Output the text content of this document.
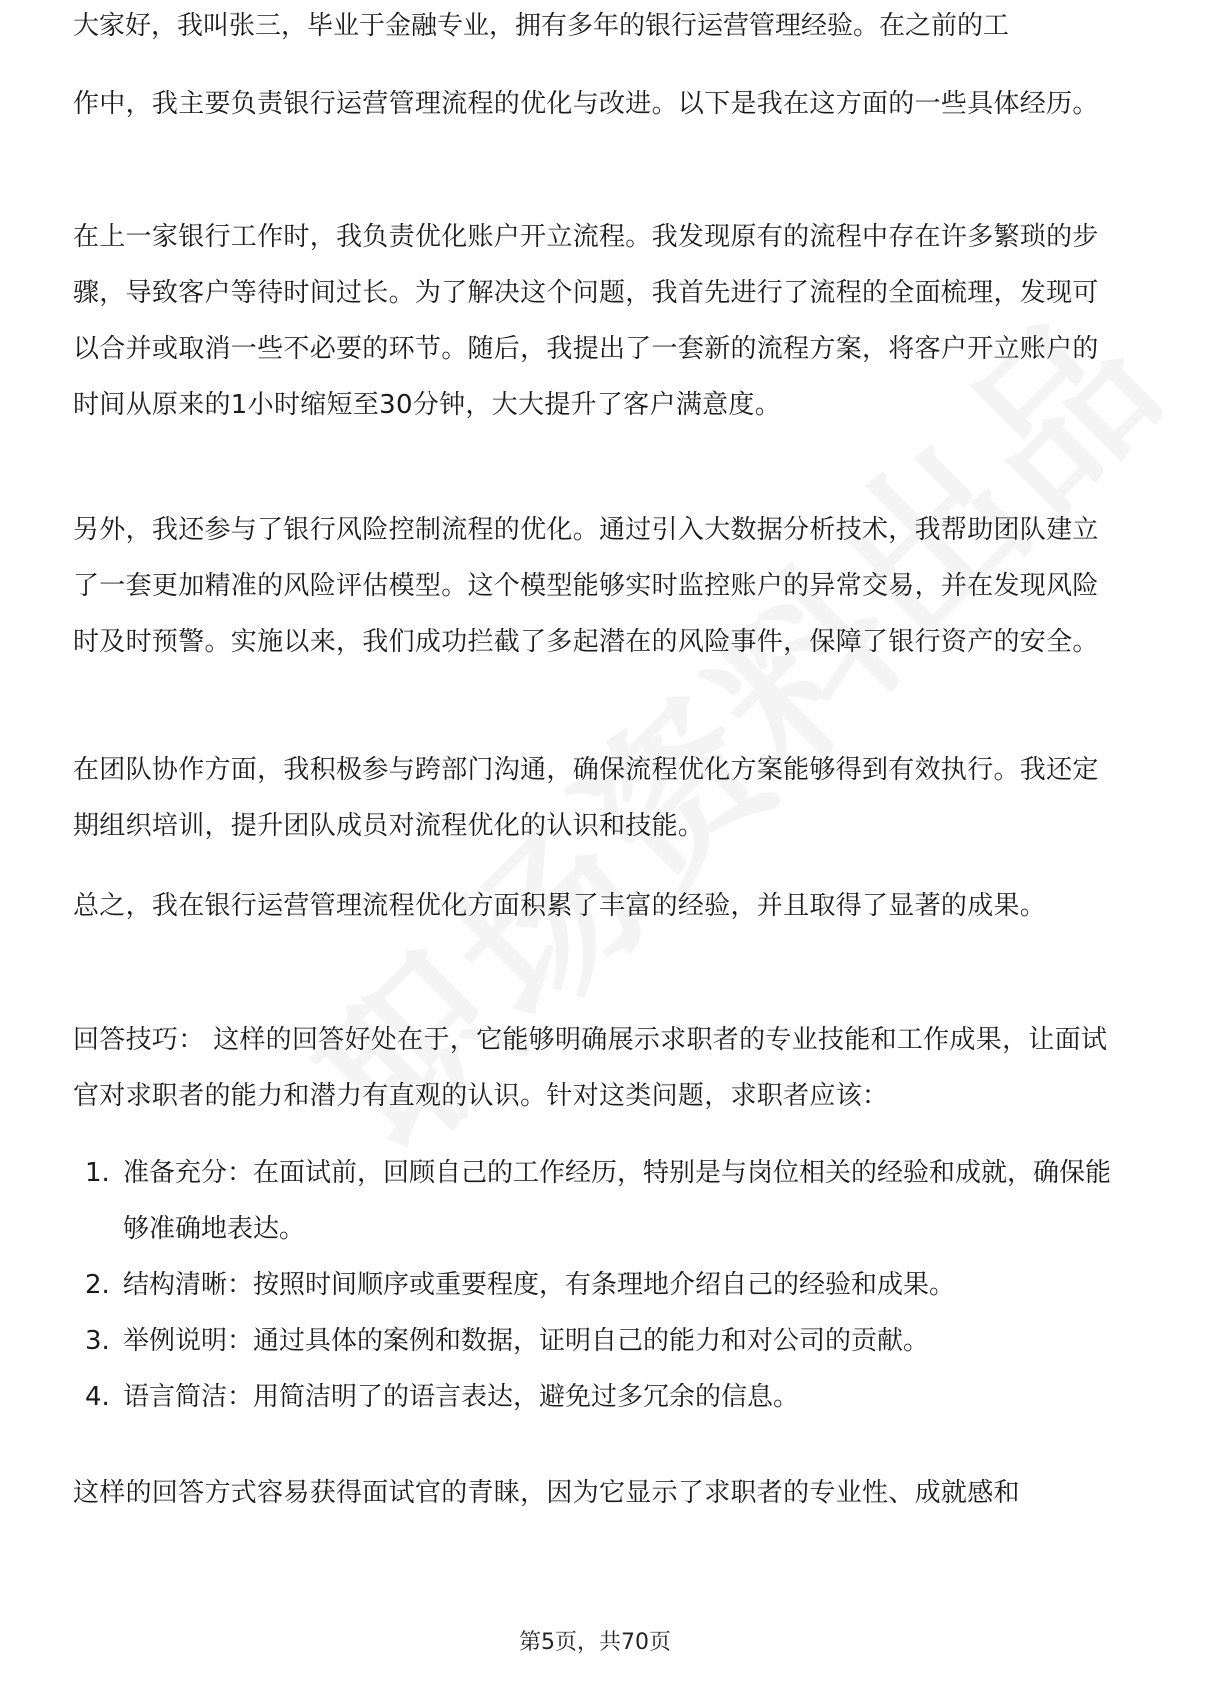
大家好，我叫张三，毕业于金融专业，拥有多年的银行运营管理经验。在之前的工

作中，我主要负责银行运营管理流程的优化与改进。以下是我在这方面的一些具体经历。

在上一家银行工作时，我负责优化账户开立流程。我发现原有的流程中存在许多繁琐的步骤，导致客户等待时间过长。为了解决这个问题，我首先进行了流程的全面梳理，发现可以合并或取消一些不必要的环节。随后，我提出了一套新的流程方案，将客户开立账户的时间从原来的1小时缩短至30分钟，大大提升了客户满意度。

另外，我还参与了银行风险控制流程的优化。通过引入大数据分析技术，我帮助团队建立了一套更加精准的风险评估模型。这个模型能够实时监控账户的异常交易，并在发现风险时及时预警。实施以来，我们成功拦截了多起潜在的风险事件，保障了银行资产的安全。

在团队协作方面，我积极参与跨部门沟通，确保流程优化方案能够得到有效执行。我还定期组织培训，提升团队成员对流程优化的认识和技能。

总之，我在银行运营管理流程优化方面积累了丰富的经验，并且取得了显著的成果。

回答技巧： 这样的回答好处在于，它能够明确展示求职者的专业技能和工作成果，让面试官对求职者的能力和潜力有直观的认识。针对这类问题，求职者应该：

1. 准备充分：在面试前，回顾自己的工作经历，特别是与岗位相关的经验和成就，确保能够准确地表达。
2. 结构清晰：按照时间顺序或重要程度，有条理地介绍自己的经验和成果。
3. 举例说明：通过具体的案例和数据，证明自己的能力和对公司的贡献。
4. 语言简洁：用简洁明了的语言表达，避免过多冗余的信息。

这样的回答方式容易获得面试官的青睐，因为它显示了求职者的专业性、成就感和

第5页，共70页
